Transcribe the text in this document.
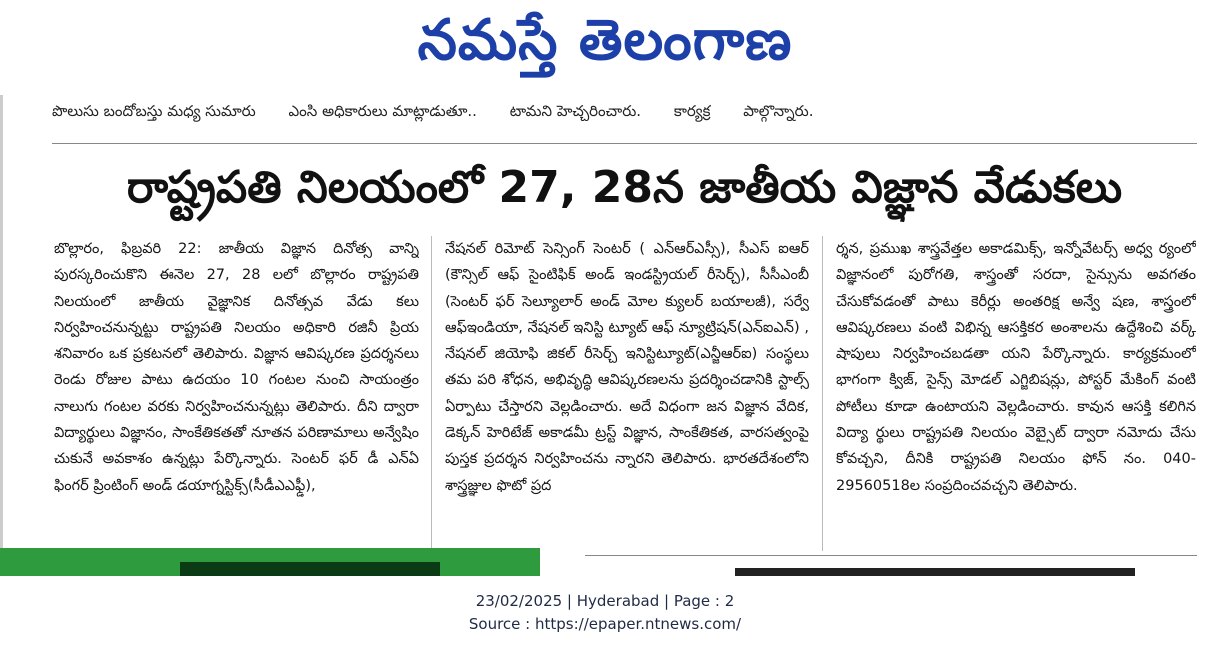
నమస్తే తెలంగాణ
పొలుసు బందోబస్తు మధ్య సుమారు ఎంసి అధికారులు మాట్లాడుతూ.. టామని హెచ్చరించారు. కార్యక్ర పాల్గొన్నారు.
రాష్ట్రపతి నిలయంలో 27, 28న జాతీయ విజ్ఞాన వేడుకలు

బొల్లారం, ఫిబ్రవరి 22: జాతీయ విజ్ఞాన దినోత్స వాన్ని పురస్కరించుకొని ఈనెల 27, 28 లలో బొల్లారం రాష్ట్రపతి నిలయంలో జాతీయ వైజ్ఞానిక దినోత్సవ వేడు కలు నిర్వహించనున్నట్టు రాష్ట్రపతి నిలయం అధికారి రజినీ ప్రియ శనివారం ఒక ప్రకటనలో తెలిపారు. విజ్ఞాన ఆవిష్కరణ ప్రదర్శనలు రెండు రోజుల పాటు ఉదయం 10 గంటల నుంచి సాయంత్రం నాలుగు గంటల వరకు నిర్వహించనున్నట్లు తెలిపారు. దీని ద్వారా విద్యార్థులు విజ్ఞానం, సాంకేతికతతో నూతన పరిణామాలు అన్వేషిం చుకునే అవకాశం ఉన్నట్లు పేర్కొన్నారు. సెంటర్ ఫర్ డీ ఎన్ఏ ఫింగర్ ప్రింటింగ్ అండ్ డయాగ్నస్టిక్స్(సీడీఎఎఫ్డీ),

నేషనల్ రిమోట్ సెన్సింగ్ సెంటర్ ( ఎన్ఆర్ఎస్సీ), సీఎస్ ఐఆర్ (కౌన్సిల్ ఆఫ్ సైంటిఫిక్ అండ్ ఇండస్ట్రియల్ రీసెర్చ్), సీసీఎంబీ (సెంటర్ ఫర్ సెల్యూలార్ అండ్ మోల క్యులర్ బయాలజీ), సర్వే ఆఫ్ఇండియా, నేషనల్ ఇనిస్టి ట్యూట్ ఆఫ్ న్యూట్రిషన్(ఎన్ఐఎన్) , నేషనల్ జియోఫి జికల్ రీసెర్చ్ ఇనిస్టిట్యూట్(ఎన్జీఆర్ఐ) సంస్థలు తమ పరి శోధన, అభివృద్ధి ఆవిష్కరణలను ప్రదర్శించడానికి స్టాల్స్ ఏర్పాటు చేస్తారని వెల్లడించారు. అదే విధంగా జన విజ్ఞాన వేదిక, డెక్కన్ హెరిటేజ్ అకాడమీ ట్రస్ట్ విజ్ఞాన, సాంకేతికత, వారసత్వంపై పుస్తక ప్రదర్శన నిర్వహించను న్నారని తెలిపారు. భారతదేశంలోని శాస్త్రజ్ఞుల ఫొటో ప్రద

ర్శన, ప్రముఖ శాస్త్రవేత్తల అకాడమిక్స్, ఇన్నోవేటర్స్ అధ్వ ర్యంలో విజ్ఞానంలో పురోగతి, శాస్త్రంతో సరదా, సైన్సును అవగతం చేసుకోవడంతో పాటు కెరీర్లు అంతరిక్ష అన్వే షణ, శాస్త్రంలో ఆవిష్కరణలు వంటి విభిన్న ఆసక్తికర అంశాలను ఉద్దేశించి వర్క్ షాపులు నిర్వహించబడతా యని పేర్కొన్నారు. కార్యక్రమంలో భాగంగా క్విజ్, సైన్స్ మోడల్ ఎగ్జిబిషన్లు, పోస్టర్ మేకింగ్ వంటి పోటీలు కూడా ఉంటాయని వెల్లడించారు. కావున ఆసక్తి కలిగిన విద్యా ర్థులు రాష్ట్రపతి నిలయం వెబ్సైట్ ద్వారా నమోదు చేసు కోవచ్చని, దీనికి రాష్ట్రపతి నిలయం ఫోన్ నం. 040- 29560518ల సంప్రదించవచ్చని తెలిపారు.

23/02/2025 | Hyderabad | Page : 2
Source : https://epaper.ntnews.com/
